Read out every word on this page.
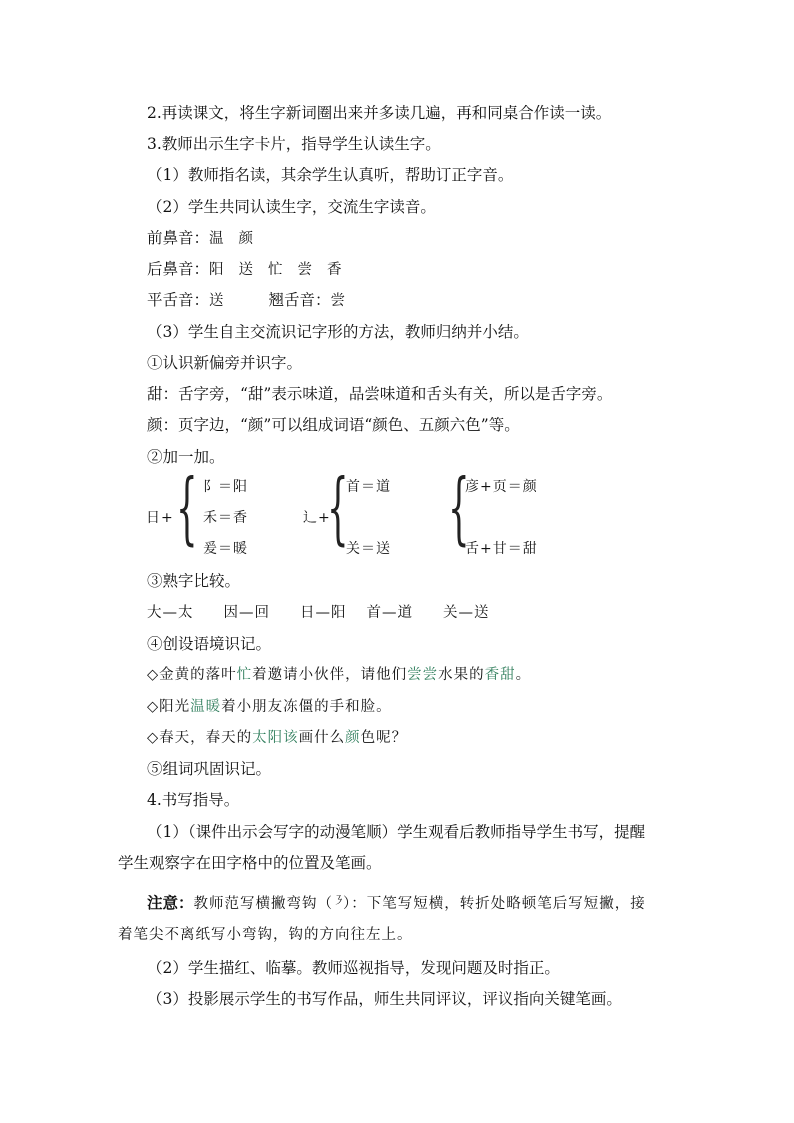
2.再读课文，将生字新词圈出来并多读几遍，再和同桌合作读一读。
3.教师出示生字卡片，指导学生认读生字。
（1）教师指名读，其余学生认真听，帮助订正字音。
（2）学生共同认读生字，交流生字读音。
前鼻音：温 颜
后鼻音：阳 送 忙 尝 香
平舌音：送	翘舌音：尝
（3）学生自主交流识记字形的方法，教师归纳并小结。
①认识新偏旁并识字。
甜：舌字旁，“甜”表示味道，品尝味道和舌头有关，所以是舌字旁。
颜：页字边，“颜”可以组成词语“颜色、五颜六色”等。
②加一加。
日+ { 阝＝阳
禾＝香
爰＝暖
辶+
{
首＝道
关＝送 {
彦+页＝颜
舌+甘＝甜
③熟字比较。
大—太 因—回 日—阳 首—道 关—送
④创设语境识记。
◇金黄的落叶忙着邀请小伙伴，请他们尝尝水果的香甜。
◇阳光温暖着小朋友冻僵的手和脸。
◇春天，春天的太阳该画什么颜色呢？
⑤组词巩固识记。
4.书写指导。
（1）（课件出示会写字的动漫笔顺）学生观看后教师指导学生书写，提醒
学生观察字在田字格中的位置及笔画。
注意：教师范写横撇弯钩（㇋）：下笔写短横，转折处略顿笔后写短撇，接
着笔尖不离纸写小弯钩，钩的方向往左上。
（2）学生描红、临摹。教师巡视指导，发现问题及时指正。
（3）投影展示学生的书写作品，师生共同评议，评议指向关键笔画。
